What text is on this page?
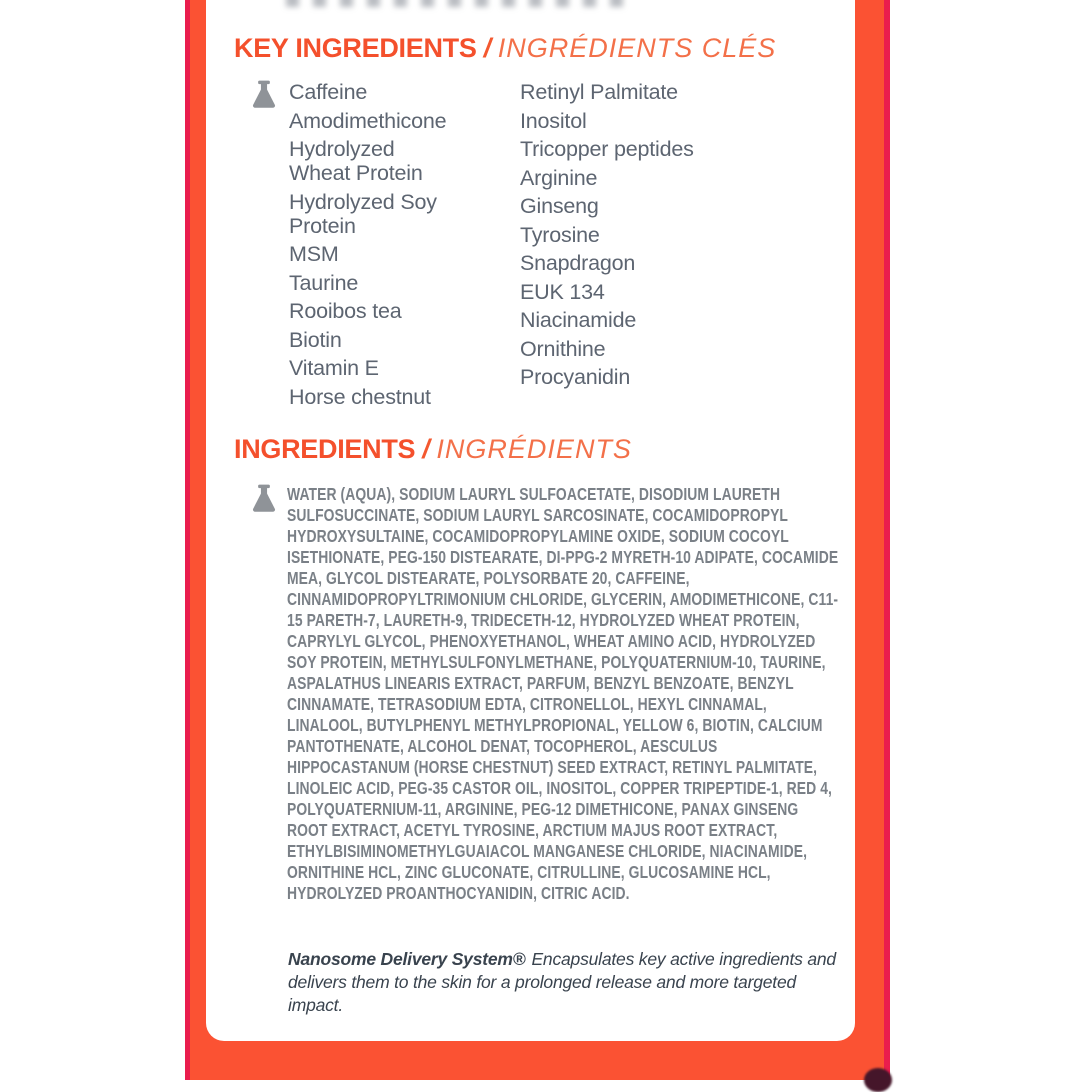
KEY INGREDIENTS / INGRÉDIENTS CLÉS
Caffeine
Amodimethicone
Hydrolyzed Wheat Protein
Hydrolyzed Soy Protein
MSM
Taurine
Rooibos tea
Biotin
Vitamin E
Horse chestnut
Retinyl Palmitate
Inositol
Tricopper peptides
Arginine
Ginseng
Tyrosine
Snapdragon
EUK 134
Niacinamide
Ornithine
Procyanidin
INGREDIENTS / INGRÉDIENTS
WATER (AQUA), SODIUM LAURYL SULFOACETATE, DISODIUM LAURETH SULFOSUCCINATE, SODIUM LAURYL SARCOSINATE, COCAMIDOPROPYL HYDROXYSULTAINE, COCAMIDOPROPYLAMINE OXIDE, SODIUM COCOYL ISETHIONATE, PEG-150 DISTEARATE, DI-PPG-2 MYRETH-10 ADIPATE, COCAMIDE MEA, GLYCOL DISTEARATE, POLYSORBATE 20, CAFFEINE, CINNAMIDOPROPYLTRIMONIUM CHLORIDE, GLYCERIN, AMODIMETHICONE, C11-15 PARETH-7, LAURETH-9, TRIDECETH-12, HYDROLYZED WHEAT PROTEIN, CAPRYLYL GLYCOL, PHENOXYETHANOL, WHEAT AMINO ACID, HYDROLYZED SOY PROTEIN, METHYLSULFONYLMETHANE, POLYQUATERNIUM-10, TAURINE, ASPALATHUS LINEARIS EXTRACT, PARFUM, BENZYL BENZOATE, BENZYL CINNAMATE, TETRASODIUM EDTA, CITRONELLOL, HEXYL CINNAMAL, LINALOOL, BUTYLPHENYL METHYLPROPIONAL, YELLOW 6, BIOTIN, CALCIUM PANTOTHENATE, ALCOHOL DENAT, TOCOPHEROL, AESCULUS HIPPOCASTANUM (HORSE CHESTNUT) SEED EXTRACT, RETINYL PALMITATE, LINOLEIC ACID, PEG-35 CASTOR OIL, INOSITOL, COPPER TRIPEPTIDE-1, RED 4, POLYQUATERNIUM-11, ARGININE, PEG-12 DIMETHICONE, PANAX GINSENG ROOT EXTRACT, ACETYL TYROSINE, ARCTIUM MAJUS ROOT EXTRACT, ETHYLBISIMINOMETHYLGUAIACOL MANGANESE CHLORIDE, NIACINAMIDE, ORNITHINE HCL, ZINC GLUCONATE, CITRULLINE, GLUCOSAMINE HCL, HYDROLYZED PROANTHOCYANIDIN, CITRIC ACID.

Nanosome Delivery System® Encapsulates key active ingredients and delivers them to the skin for a prolonged release and more targeted impact.
